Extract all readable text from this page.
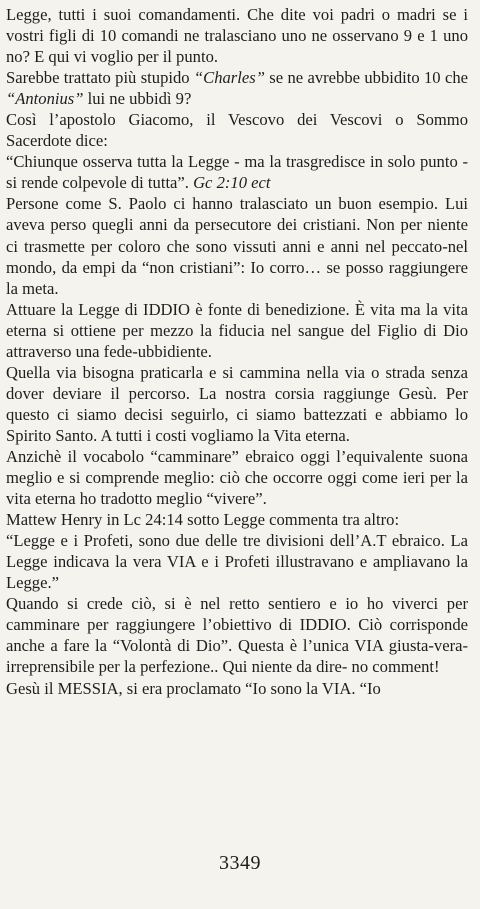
Legge, tutti i suoi comandamenti. Che dite voi padri o madri se i vostri figli di 10 comandi ne tralasciano uno ne osservano 9 e 1 uno no? E qui vi voglio per il punto.

Sarebbe trattato più stupido “Charles” se ne avrebbe ubbidito 10 che “Antonius” lui ne ubbidì 9?

Così l’apostolo Giacomo, il Vescovo dei Vescovi o Sommo Sacerdote dice:

“Chiunque osserva tutta la Legge - ma la trasgredisce in solo punto - si rende colpevole di tutta”. Gc 2:10 ect

Persone come S. Paolo ci hanno tralasciato un buon esempio. Lui aveva perso quegli anni da persecutore dei cristiani. Non per niente ci trasmette per coloro che sono vissuti anni e anni nel peccato-nel mondo, da empi da “non cristiani”: Io corro… se posso raggiungere la meta.

Attuare la Legge di IDDIO è fonte di benedizione. È vita ma la vita eterna si ottiene per mezzo la fiducia nel sangue del Figlio di Dio attraverso una fede-ubbidiente.

Quella via bisogna praticarla e si cammina nella via o strada senza dover deviare il percorso. La nostra corsia raggiunge Gesù. Per questo ci siamo decisi seguirlo, ci siamo battezzati e abbiamo lo Spirito Santo. A tutti i costi vogliamo la Vita eterna.

Anzichè il vocabolo “camminare” ebraico oggi l’equivalente suona meglio e si comprende meglio: ciò che occorre oggi come ieri per la vita eterna ho tradotto meglio “vivere”.

Mattew Henry in Lc 24:14 sotto Legge commenta tra altro:

“Legge e i Profeti, sono due delle tre divisioni dell’A.T ebraico. La Legge indicava la vera VIA e i Profeti illustravano e ampliavano la Legge.”

Quando si crede ciò, si è nel retto sentiero e io ho viverci per camminare per raggiungere l’obiettivo di IDDIO. Ciò corrisponde anche a fare la “Volontà di Dio”. Questa è l’unica VIA giusta-vera-irreprensibile per la perfezione.. Qui niente da dire- no comment!

Gesù il MESSIA, si era proclamato “Io sono la VIA. “Io

3349
